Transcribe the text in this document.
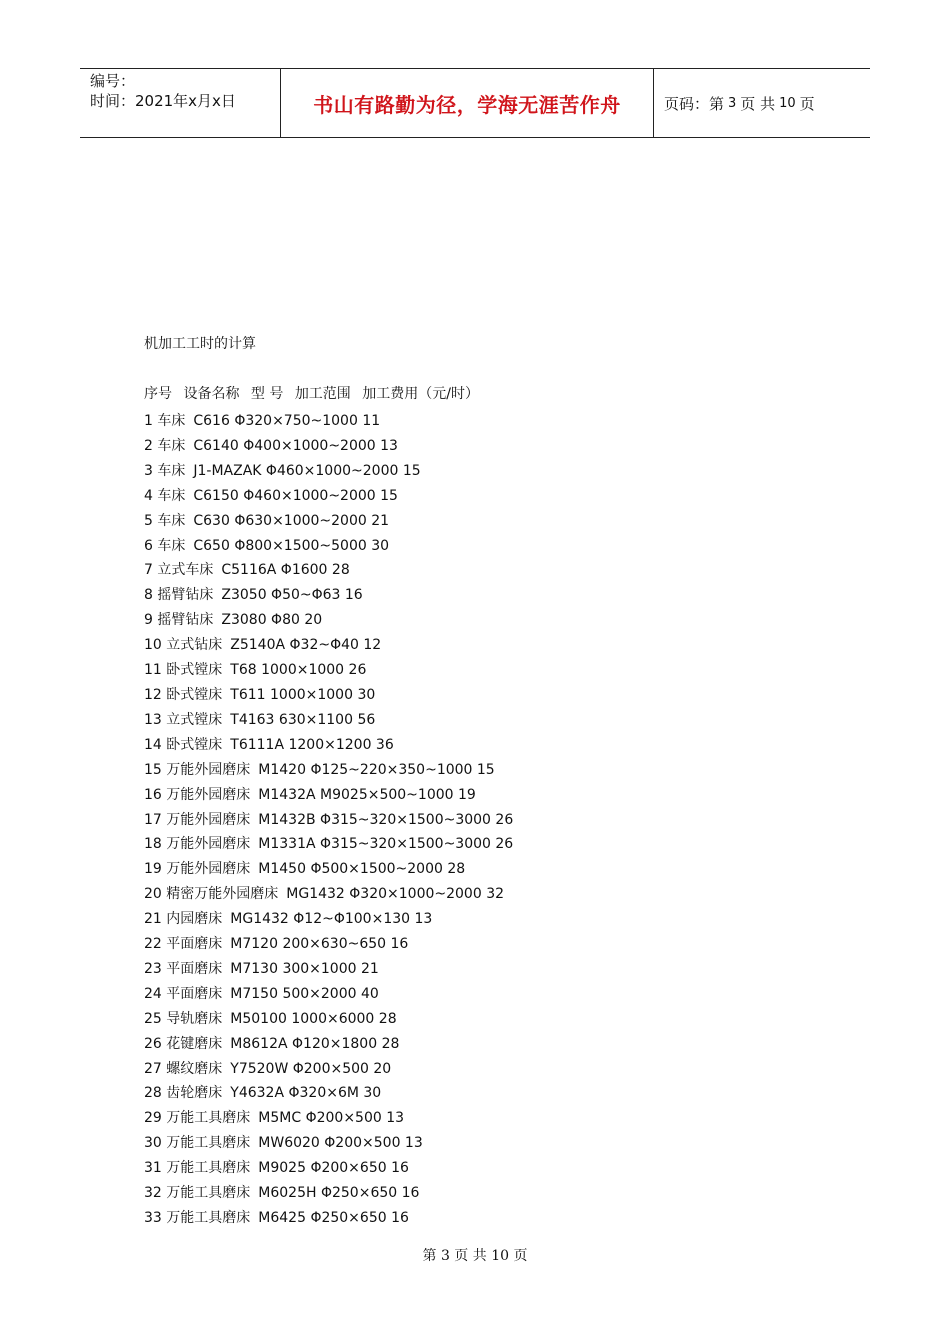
编号：
时间：2021年x月x日	书山有路勤为径，学海无涯苦作舟	页码：第 3 页 共 10 页
机加工工时的计算
序号 设备名称 型 号 加工范围 加工费用（元/时）
1 车床 C616 Φ320×750~1000 11
2 车床 C6140 Φ400×1000~2000 13
3 车床 J1-MAZAK Φ460×1000~2000 15
4 车床 C6150 Φ460×1000~2000 15
5 车床 C630 Φ630×1000~2000 21
6 车床 C650 Φ800×1500~5000 30
7 立式车床 C5116A Φ1600 28
8 摇臂钻床 Z3050 Φ50~Φ63 16
9 摇臂钻床 Z3080 Φ80 20
10 立式钻床 Z5140A Φ32~Φ40 12
11 卧式镗床 T68 1000×1000 26
12 卧式镗床 T611 1000×1000 30
13 立式镗床 T4163 630×1100 56
14 卧式镗床 T6111A 1200×1200 36
15 万能外园磨床 M1420 Φ125~220×350~1000 15
16 万能外园磨床 M1432A M9025×500~1000 19
17 万能外园磨床 M1432B Φ315~320×1500~3000 26
18 万能外园磨床 M1331A Φ315~320×1500~3000 26
19 万能外园磨床 M1450 Φ500×1500~2000 28
20 精密万能外园磨床 MG1432 Φ320×1000~2000 32
21 内园磨床 MG1432 Φ12~Φ100×130 13
22 平面磨床 M7120 200×630~650 16
23 平面磨床 M7130 300×1000 21
24 平面磨床 M7150 500×2000 40
25 导轨磨床 M50100 1000×6000 28
26 花键磨床 M8612A Φ120×1800 28
27 螺纹磨床 Y7520W Φ200×500 20
28 齿轮磨床 Y4632A Φ320×6M 30
29 万能工具磨床 M5MC Φ200×500 13
30 万能工具磨床 MW6020 Φ200×500 13
31 万能工具磨床 M9025 Φ200×650 16
32 万能工具磨床 M6025H Φ250×650 16
33 万能工具磨床 M6425 Φ250×650 16
第 3 页 共 10 页
